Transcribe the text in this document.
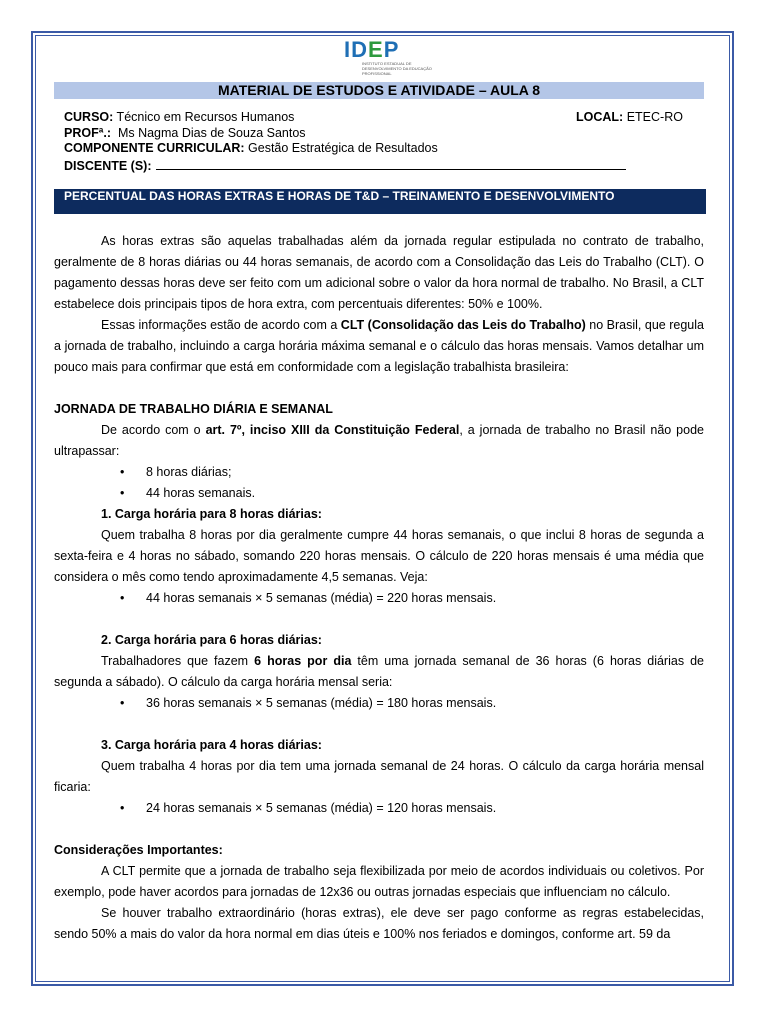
I D E P
INSTITUTO ESTADUAL DE DESENVOLVIMENTO DA EDUCAÇÃO PROFISSIONAL
MATERIAL DE ESTUDOS E ATIVIDADE – AULA 8
CURSO: Técnico em Recursos Humanos	LOCAL: ETEC-RO
PROFª.:  Ms Nagma Dias de Souza Santos
COMPONENTE CURRICULAR: Gestão Estratégica de Resultados
DISCENTE (S):
PERCENTUAL DAS HORAS EXTRAS E HORAS DE T&D – TREINAMENTO E DESENVOLVIMENTO

As horas extras são aquelas trabalhadas além da jornada regular estipulada no contrato de trabalho, geralmente de 8 horas diárias ou 44 horas semanais, de acordo com a Consolidação das Leis do Trabalho (CLT). O pagamento dessas horas deve ser feito com um adicional sobre o valor da hora normal de trabalho. No Brasil, a CLT estabelece dois principais tipos de hora extra, com percentuais diferentes: 50% e 100%.

Essas informações estão de acordo com a CLT (Consolidação das Leis do Trabalho) no Brasil, que regula a jornada de trabalho, incluindo a carga horária máxima semanal e o cálculo das horas mensais. Vamos detalhar um pouco mais para confirmar que está em conformidade com a legislação trabalhista brasileira:

JORNADA DE TRABALHO DIÁRIA E SEMANAL

De acordo com o art. 7º, inciso XIII da Constituição Federal, a jornada de trabalho no Brasil não pode ultrapassar:

• 8 horas diárias;

• 44 horas semanais.

1. Carga horária para 8 horas diárias:

Quem trabalha 8 horas por dia geralmente cumpre 44 horas semanais, o que inclui 8 horas de segunda a sexta-feira e 4 horas no sábado, somando 220 horas mensais. O cálculo de 220 horas mensais é uma média que considera o mês como tendo aproximadamente 4,5 semanas. Veja:

• 44 horas semanais × 5 semanas (média) = 220 horas mensais.

2. Carga horária para 6 horas diárias:

Trabalhadores que fazem 6 horas por dia têm uma jornada semanal de 36 horas (6 horas diárias de segunda a sábado). O cálculo da carga horária mensal seria:

• 36 horas semanais × 5 semanas (média) = 180 horas mensais.

3. Carga horária para 4 horas diárias:

Quem trabalha 4 horas por dia tem uma jornada semanal de 24 horas. O cálculo da carga horária mensal ficaria:

• 24 horas semanais × 5 semanas (média) = 120 horas mensais.

Considerações Importantes:

A CLT permite que a jornada de trabalho seja flexibilizada por meio de acordos individuais ou coletivos. Por exemplo, pode haver acordos para jornadas de 12x36 ou outras jornadas especiais que influenciam no cálculo.

Se houver trabalho extraordinário (horas extras), ele deve ser pago conforme as regras estabelecidas, sendo 50% a mais do valor da hora normal em dias úteis e 100% nos feriados e domingos, conforme art. 59 da
